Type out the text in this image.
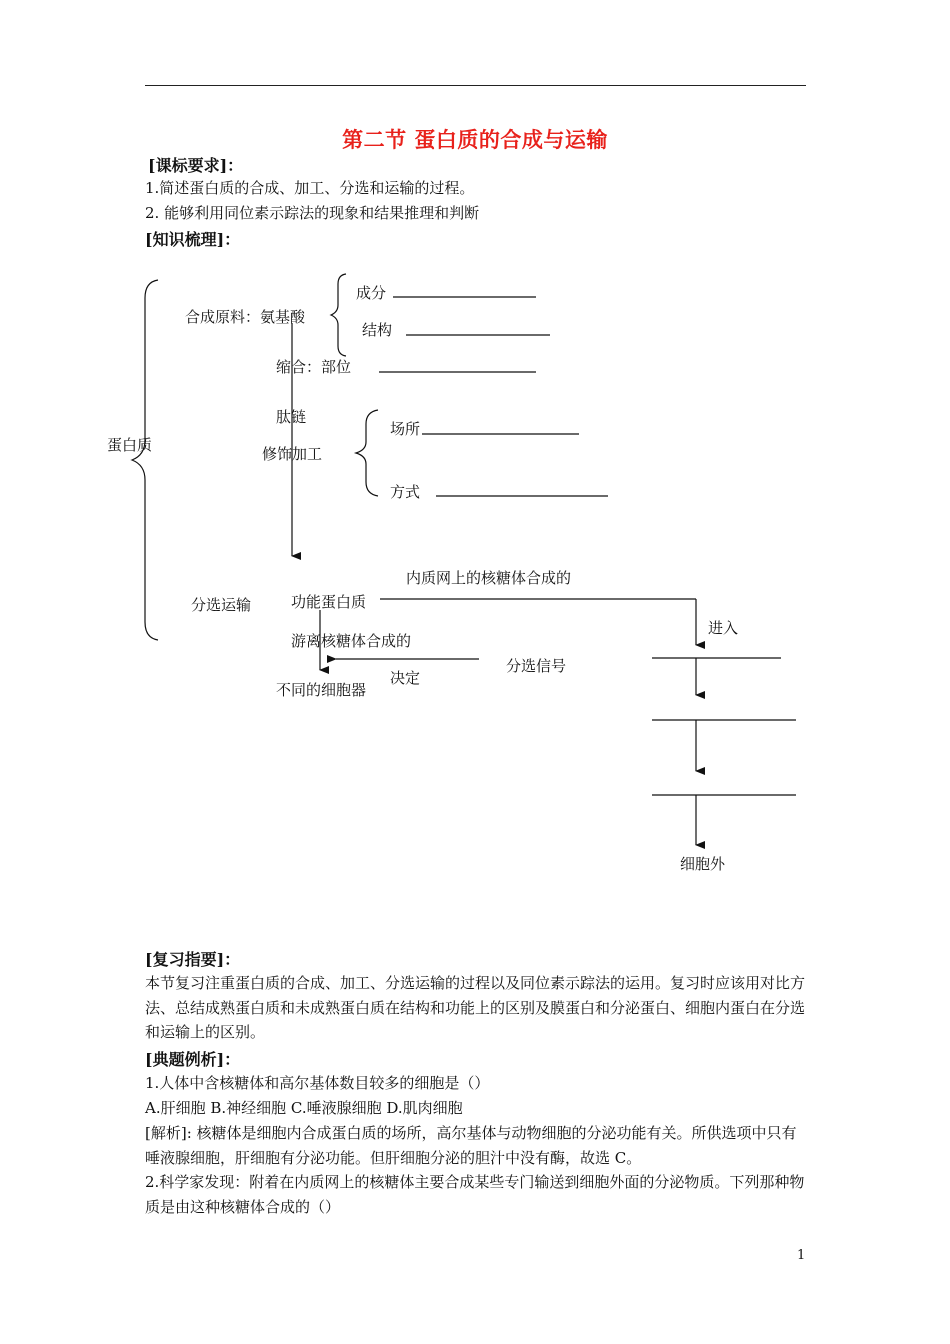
第二节 蛋白质的合成与运输
[课标要求]：
1.简述蛋白质的合成、加工、分选和运输的过程。
2. 能够利用同位素示踪法的现象和结果推理和判断
[知识梳理]：
蛋白质
合成原料：氨基酸
成分
结构
缩合：部位
肽链
修饰加工
场所
方式
内质网上的核糖体合成的
分选运输	功能蛋白质
游离核糖体合成的
进入
分选信号
决定
不同的细胞器
细胞外
[复习指要]：
本节复习注重蛋白质的合成、加工、分选运输的过程以及同位素示踪法的运用。复习时应该用对比方法、总结成熟蛋白质和未成熟蛋白质在结构和功能上的区别及膜蛋白和分泌蛋白、细胞内蛋白在分选和运输上的区别。
[典题例析]：
1.人体中含核糖体和高尔基体数目较多的细胞是（）
A.肝细胞 B.神经细胞 C.唾液腺细胞 D.肌肉细胞
[解析]: 核糖体是细胞内合成蛋白质的场所，高尔基体与动物细胞的分泌功能有关。所供选项中只有唾液腺细胞，肝细胞有分泌功能。但肝细胞分泌的胆汁中没有酶，故选 C。
2.科学家发现：附着在内质网上的核糖体主要合成某些专门输送到细胞外面的分泌物质。下列那种物质是由这种核糖体合成的（）
1
